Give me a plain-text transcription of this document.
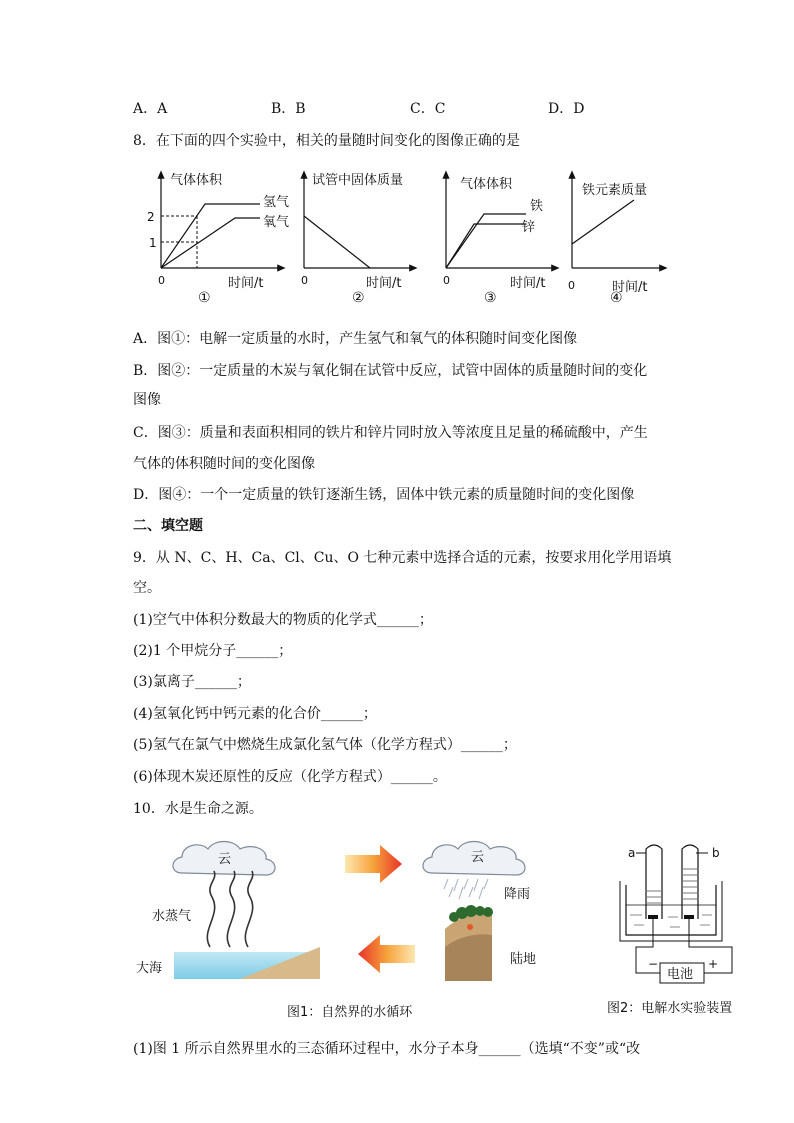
A．A	B．B	C．C	D．D
8．在下面的四个实验中，相关的量随时间变化的图像正确的是
气体体积
氢气
氧气
2
1
0	时间/t
①
试管中固体质量
0	时间/t
②
气体体积
铁
锌
0	时间/t
③
铁元素质量
0	时间/t
④
A．图①：电解一定质量的水时，产生氢气和氧气的体积随时间变化图像
B．图②：一定质量的木炭与氧化铜在试管中反应，试管中固体的质量随时间的变化
图像
C．图③：质量和表面积相同的铁片和锌片同时放入等浓度且足量的稀硫酸中，产生
气体的体积随时间的变化图像
D．图④：一个一定质量的铁钉逐渐生锈，固体中铁元素的质量随时间的变化图像
二、填空题
9．从 N、C、H、Ca、Cl、Cu、O 七种元素中选择合适的元素，按要求用化学用语填
空。
(1)空气中体积分数最大的物质的化学式______；
(2)1 个甲烷分子______；
(3)氯离子______；
(4)氢氧化钙中钙元素的化合价______；
(5)氢气在氯气中燃烧生成氯化氢气体（化学方程式）______；
(6)体现木炭还原性的反应（化学方程式）______。
10．水是生命之源。
云
水蒸气
大海
云
降雨
陆地
图1：自然界的水循环
a	b
电池
−	+
图2：电解水实验装置
(1)图 1 所示自然界里水的三态循环过程中，水分子本身______（选填“不变”或“改
